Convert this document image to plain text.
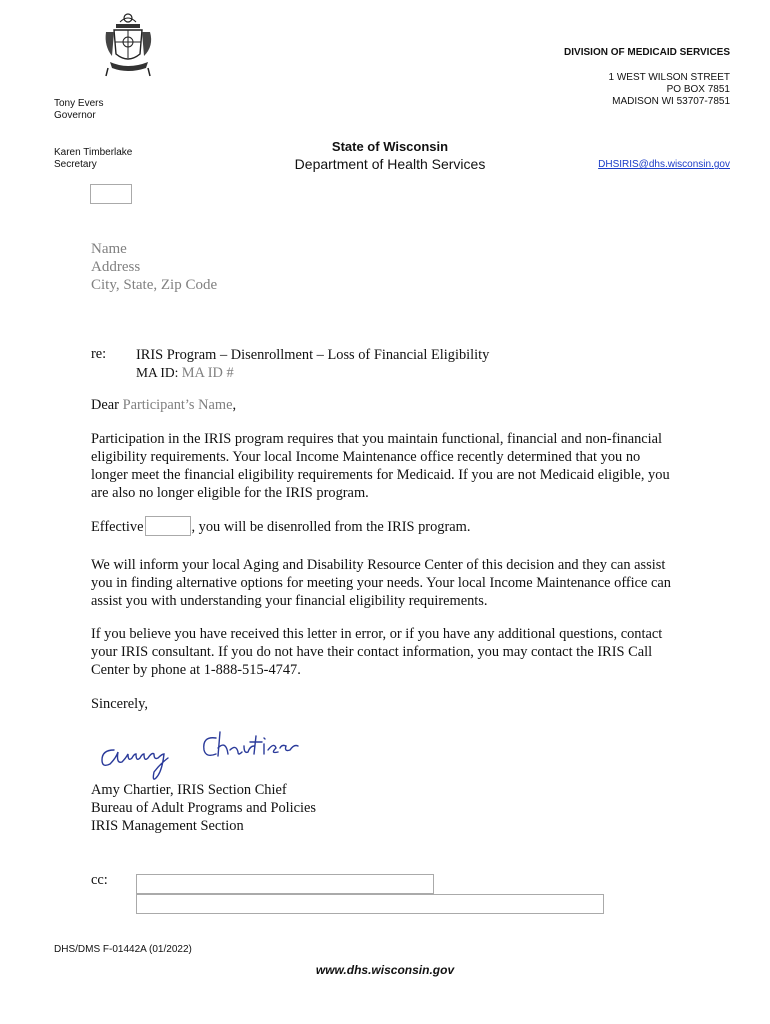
DIVISION OF MEDICAID SERVICES
1 WEST WILSON STREET
PO BOX 7851
MADISON WI 53707-7851
Tony Evers
Governor
Karen Timberlake
Secretary
State of Wisconsin
Department of Health Services	DHSIRIS@dhs.wisconsin.gov
Name
Address
City, State, Zip Code
re: IRIS Program – Disenrollment – Loss of Financial Eligibility
MA ID: MA ID #
Dear Participant’s Name,
Participation in the IRIS program requires that you maintain functional, financial and non-financial eligibility requirements. Your local Income Maintenance office recently determined that you no longer meet the financial eligibility requirements for Medicaid. If you are not Medicaid eligible, you are also no longer eligible for the IRIS program.
Effective	, you will be disenrolled from the IRIS program.
We will inform your local Aging and Disability Resource Center of this decision and they can assist you in finding alternative options for meeting your needs. Your local Income Maintenance office can assist you with understanding your financial eligibility requirements.
If you believe you have received this letter in error, or if you have any additional questions, contact your IRIS consultant. If you do not have their contact information, you may contact the IRIS Call Center by phone at 1-888-515-4747.
Sincerely,
Amy Chartier, IRIS Section Chief
Bureau of Adult Programs and Policies
IRIS Management Section
cc:
DHS/DMS F-01442A (01/2022)
www.dhs.wisconsin.gov
